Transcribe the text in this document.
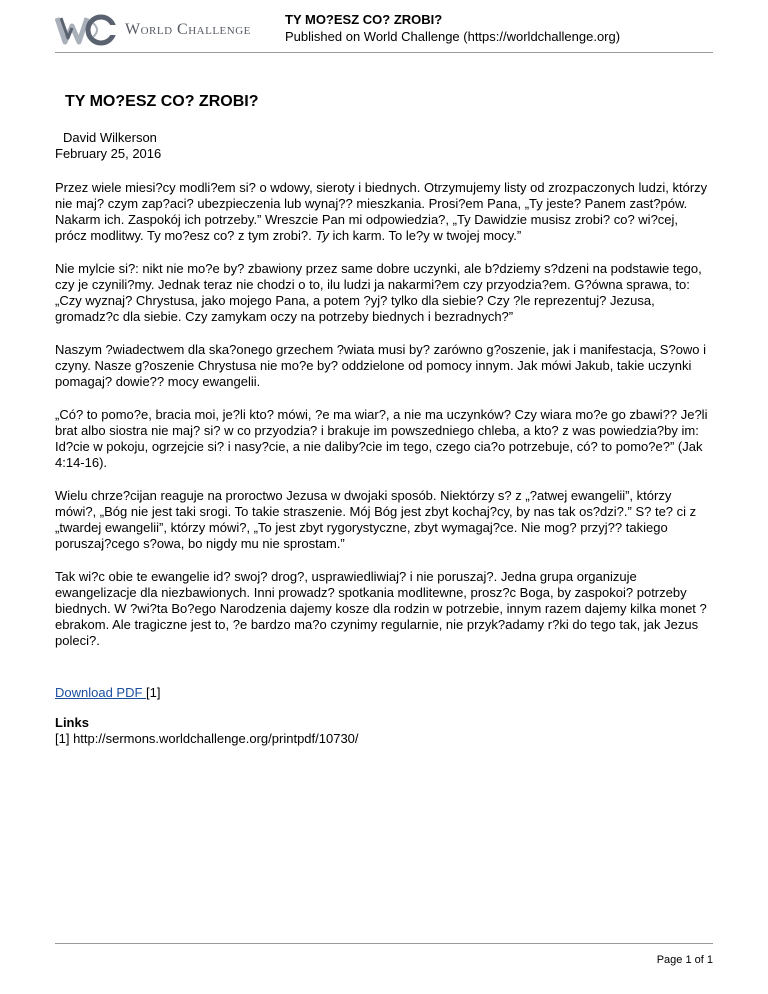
World Challenge
TY MO?ESZ CO? ZROBI?
Published on World Challenge (https://worldchallenge.org)
TY MO?ESZ CO? ZROBI?
David Wilkerson
February 25, 2016

Przez wiele miesi?cy modli?em si? o wdowy, sieroty i biednych. Otrzymujemy listy od zrozpaczonych ludzi, którzy nie maj? czym zap?aci? ubezpieczenia lub wynaj?? mieszkania. Prosi?em Pana, „Ty jeste? Panem zast?pów. Nakarm ich. Zaspokój ich potrzeby.” Wreszcie Pan mi odpowiedzia?, „Ty Dawidzie musisz zrobi? co? wi?cej, prócz modlitwy. Ty mo?esz co? z tym zrobi?. Ty ich karm. To le?y w twojej mocy.”

Nie mylcie si?: nikt nie mo?e by? zbawiony przez same dobre uczynki, ale b?dziemy s?dzeni na podstawie tego, czy je czynili?my. Jednak teraz nie chodzi o to, ilu ludzi ja nakarmi?em czy przyodzia?em. G?ówna sprawa, to: „Czy wyznaj? Chrystusa, jako mojego Pana, a potem ?yj? tylko dla siebie? Czy ?le reprezentuj? Jezusa, gromadz?c dla siebie. Czy zamykam oczy na potrzeby biednych i bezradnych?”

Naszym ?wiadectwem dla ska?onego grzechem ?wiata musi by? zarówno g?oszenie, jak i manifestacja, S?owo i czyny. Nasze g?oszenie Chrystusa nie mo?e by? oddzielone od pomocy innym. Jak mówi Jakub, takie uczynki pomagaj? dowie?? mocy ewangelii.

„Có? to pomo?e, bracia moi, je?li kto? mówi, ?e ma wiar?, a nie ma uczynków? Czy wiara mo?e go zbawi?? Je?li brat albo siostra nie maj? si? w co przyodzia? i brakuje im powszedniego chleba, a kto? z was powiedzia?by im: Id?cie w pokoju, ogrzejcie si? i nasy?cie, a nie daliby?cie im tego, czego cia?o potrzebuje, có? to pomo?e?” (Jak 4:14-16).

Wielu chrze?cijan reaguje na proroctwo Jezusa w dwojaki sposób. Niektórzy s? z „?atwej ewangelii”, którzy mówi?, „Bóg nie jest taki srogi. To takie straszenie. Mój Bóg jest zbyt kochaj?cy, by nas tak os?dzi?.” S? te? ci z „twardej ewangelii”, którzy mówi?, „To jest zbyt rygorystyczne, zbyt wymagaj?ce. Nie mog? przyj?? takiego poruszaj?cego s?owa, bo nigdy mu nie sprostam.”

Tak wi?c obie te ewangelie id? swoj? drog?, usprawiedliwiaj? i nie poruszaj?. Jedna grupa organizuje ewangelizacje dla niezbawionych. Inni prowadz? spotkania modlitewne, prosz?c Boga, by zaspokoi? potrzeby biednych. W ?wi?ta Bo?ego Narodzenia dajemy kosze dla rodzin w potrzebie, innym razem dajemy kilka monet ?ebrakom. Ale tragiczne jest to, ?e bardzo ma?o czynimy regularnie, nie przyk?adamy r?ki do tego tak, jak Jezus poleci?.

Download PDF [1]
Links
[1] http://sermons.worldchallenge.org/printpdf/10730/
Page 1 of 1
